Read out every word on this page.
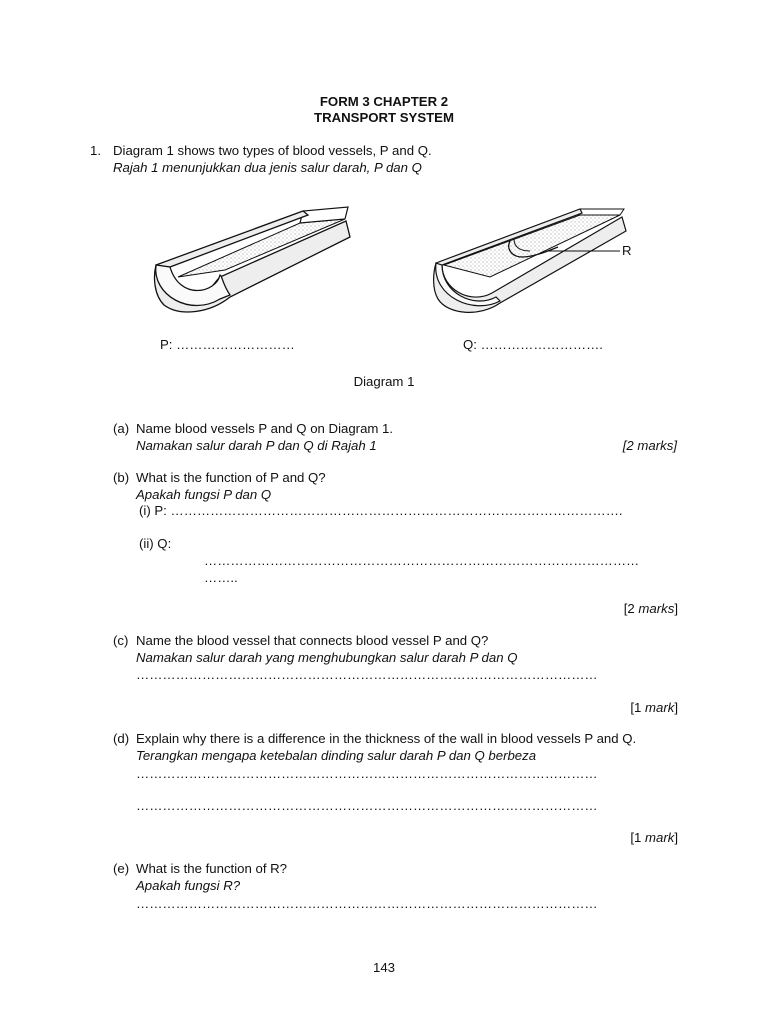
FORM 3 CHAPTER 2
TRANSPORT SYSTEM
1. Diagram 1 shows two types of blood vessels, P and Q.
Rajah 1 menunjukkan dua jenis salur darah, P dan Q
R
P: ………………………	Q: ……………………….
Diagram 1
(a) Name blood vessels P and Q on Diagram 1.
Namakan salur darah P dan Q di Rajah 1	[2 marks]
(b) What is the function of P and Q?
Apakah fungsi P dan Q
(i) P: ………………………………………………………………………………………….
(ii) Q:
………………………………………………………………………………………
……..
[2 marks]
(c) Name the blood vessel that connects blood vessel P and Q?
Namakan salur darah yang menghubungkan salur darah P dan Q
……………………………………………………………………………………………
[1 mark]
(d) Explain why there is a difference in the thickness of the wall in blood vessels P and Q.
Terangkan mengapa ketebalan dinding salur darah P dan Q berbeza
……………………………………………………………………………………………
……………………………………………………………………………………………
[1 mark]
(e) What is the function of R?
Apakah fungsi R?
……………………………………………………………………………………………
143
